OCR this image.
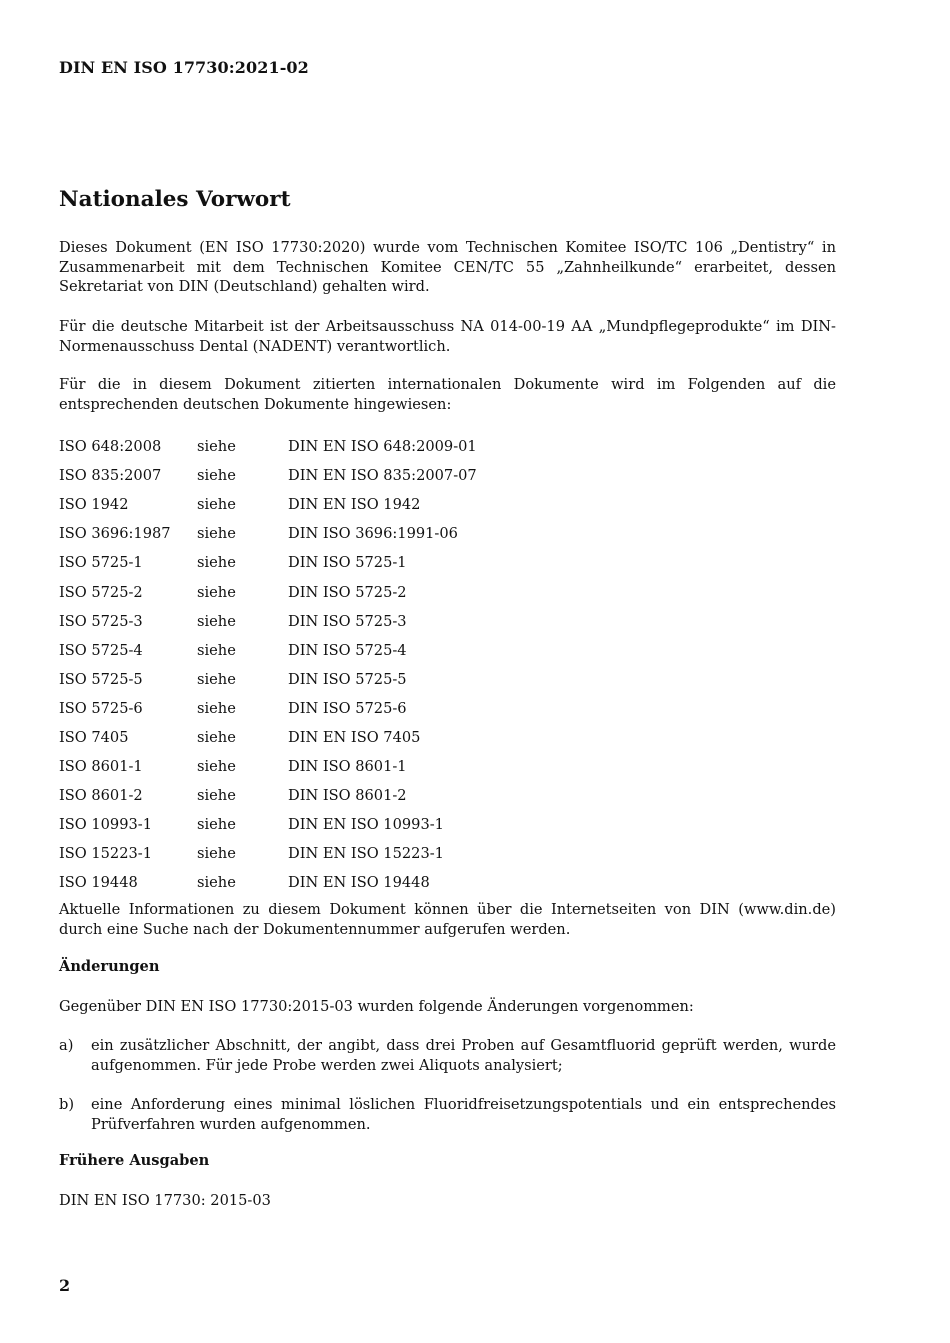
DIN EN ISO 17730:2021-02
Nationales Vorwort

Dieses Dokument (EN ISO 17730:2020) wurde vom Technischen Komitee ISO/TC 106 „Dentistry“ in Zusammenarbeit mit dem Technischen Komitee CEN/TC 55 „Zahnheilkunde“ erarbeitet, dessen Sekretariat von DIN (Deutschland) gehalten wird.

Für die deutsche Mitarbeit ist der Arbeitsausschuss NA 014-00-19 AA „Mundpflegeprodukte“ im DIN-Normenausschuss Dental (NADENT) verantwortlich.

Für die in diesem Dokument zitierten internationalen Dokumente wird im Folgenden auf die entsprechenden deutschen Dokumente hingewiesen:

ISO 648:2008	siehe	DIN EN ISO 648:2009-01
ISO 835:2007	siehe	DIN EN ISO 835:2007-07
ISO 1942	siehe	DIN EN ISO 1942
ISO 3696:1987	siehe	DIN ISO 3696:1991-06
ISO 5725-1	siehe	DIN ISO 5725-1
ISO 5725-2	siehe	DIN ISO 5725-2
ISO 5725-3	siehe	DIN ISO 5725-3
ISO 5725-4	siehe	DIN ISO 5725-4
ISO 5725-5	siehe	DIN ISO 5725-5
ISO 5725-6	siehe	DIN ISO 5725-6
ISO 7405	siehe	DIN EN ISO 7405
ISO 8601-1	siehe	DIN ISO 8601-1
ISO 8601-2	siehe	DIN ISO 8601-2
ISO 10993-1	siehe	DIN EN ISO 10993-1
ISO 15223-1	siehe	DIN EN ISO 15223-1
ISO 19448	siehe	DIN EN ISO 19448

Aktuelle Informationen zu diesem Dokument können über die Internetseiten von DIN (www.din.de) durch eine Suche nach der Dokumentennummer aufgerufen werden.

Änderungen

Gegenüber DIN EN ISO 17730:2015-03 wurden folgende Änderungen vorgenommen:

a) ein zusätzlicher Abschnitt, der angibt, dass drei Proben auf Gesamtfluorid geprüft werden, wurde aufgenommen. Für jede Probe werden zwei Aliquots analysiert;
b) eine Anforderung eines minimal löslichen Fluoridfreisetzungspotentials und ein entsprechendes Prüfverfahren wurden aufgenommen.
Frühere Ausgaben

DIN EN ISO 17730: 2015-03

2
